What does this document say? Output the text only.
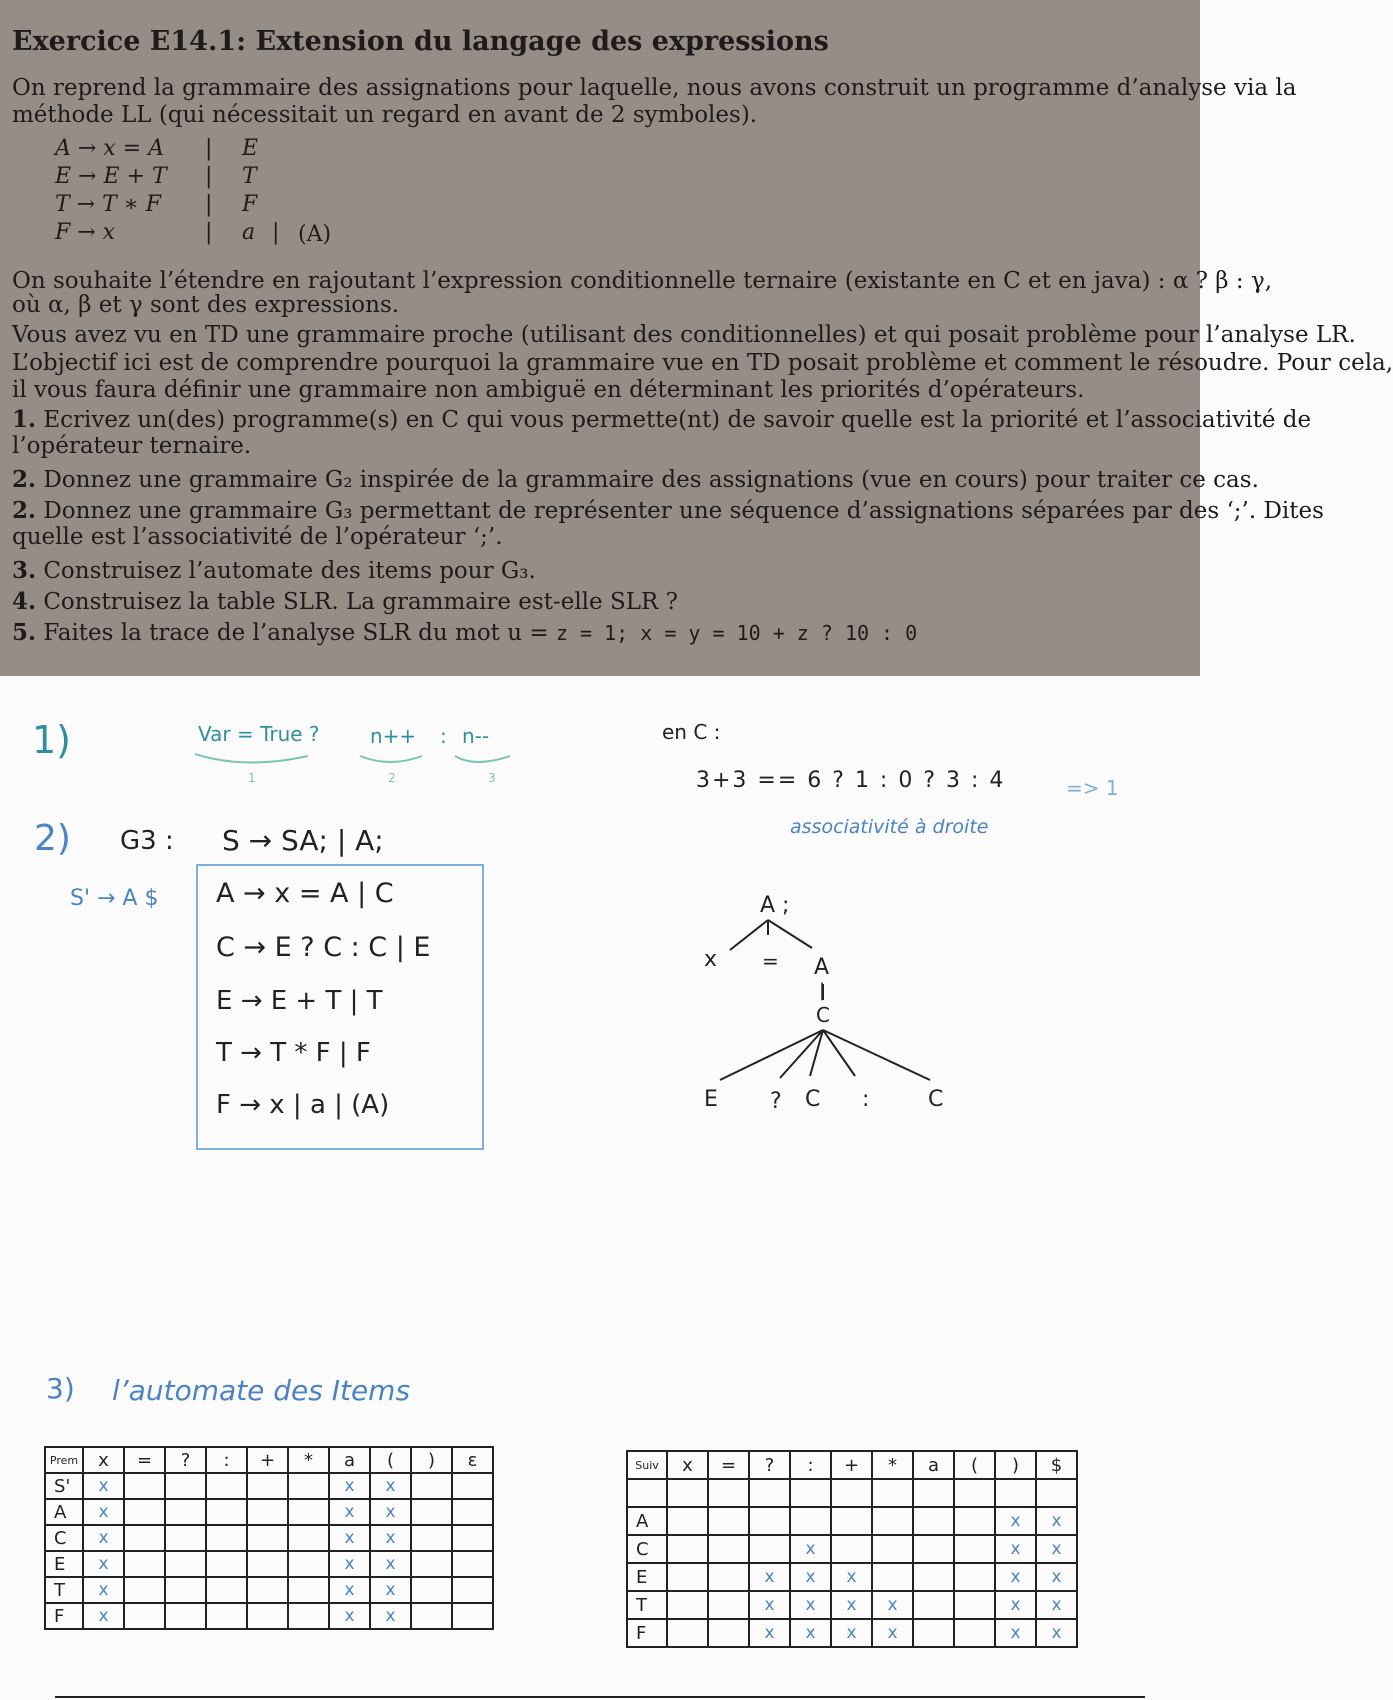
Exercice E14.1: Extension du langage des expressions
On reprend la grammaire des assignations pour laquelle, nous avons construit un programme d’analyse via la
méthode LL (qui nécessitait un regard en avant de 2 symboles).
A → x = A | E
E → E + T | T
T → T ∗ F | F
F → x	| a | (A)
On souhaite l’étendre en rajoutant l’expression conditionnelle ternaire (existante en C et en java) : α ? β : γ,
où α, β et γ sont des expressions.
Vous avez vu en TD une grammaire proche (utilisant des conditionnelles) et qui posait problème pour l’analyse LR.
L’objectif ici est de comprendre pourquoi la grammaire vue en TD posait problème et comment le résoudre. Pour cela,
il vous faura définir une grammaire non ambiguë en déterminant les priorités d’opérateurs.
1. Ecrivez un(des) programme(s) en C qui vous permette(nt) de savoir quelle est la priorité et l’associativité de
l’opérateur ternaire.
2. Donnez une grammaire G₂ inspirée de la grammaire des assignations (vue en cours) pour traiter ce cas.
2. Donnez une grammaire G₃ permettant de représenter une séquence d’assignations séparées par des ‘;’. Dites
quelle est l’associativité de l’opérateur ‘;’.
3. Construisez l’automate des items pour G₃.
4. Construisez la table SLR. La grammaire est-elle SLR ?
5. Faites la trace de l’analyse SLR du mot u = z = 1; x = y = 10 + z ? 10 : 0
1)	Var = True ?	n++ : n--
1	2	3
en C :
3+3 == 6 ? 1 : 0 ? 3 : 4	=> 1
associativité à droite
2) G3 : S → SA; | A;
S' → A $ A → x = A | C
C → E ? C : C | E
E → E + T | T
T → T * F | F
F → x | a | (A)
A ;
x = A
|
C
E ? C :	C
3) l’automate des Items
Prem	x	=	?	:	+	*	a	(	)	ε
S'	x						x	x		
A	x						x	x		
C	x						x	x		
E	x						x	x		
T	x						x	x		
F	x						x	x		
Suiv	x	=	?	:	+	*	a	(	)	$

A									x	x
C				x					x	x
E			x	x	x				x	x
T			x	x	x	x			x	x
F			x	x	x	x			x	x
